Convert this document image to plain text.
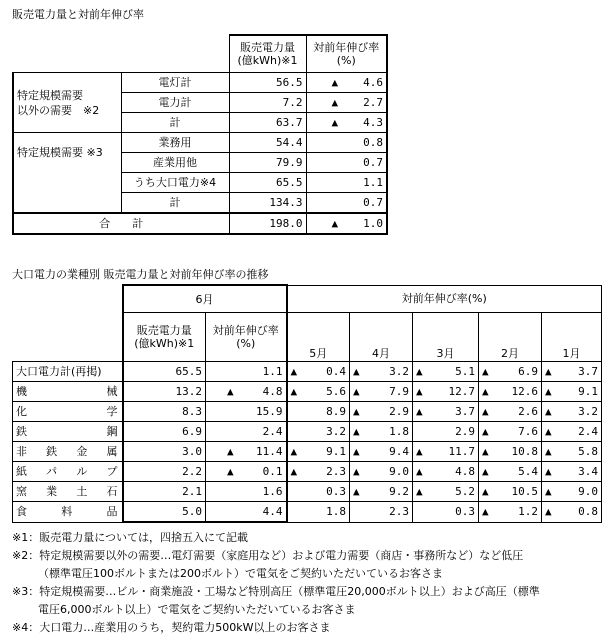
販売電力量と対前年伸び率
		販売電力量
(億kWh)※1	対前年伸び率
(%)
特定規模需要
以外の需要　※2	電灯計	56.5	▲ 4.6
	電力計	7.2	▲ 2.7
	計	63.7	▲ 4.3
特定規模需要 ※3	業務用	54.4	0.8
	産業用他	79.9	0.7
	うち大口電力※4	65.5	1.1
	計	134.3	0.7
合　　計		198.0	▲ 1.0
大口電力の業種別 販売電力量と対前年伸び率の推移
	6月		対前年伸び率(%)				
	販売電力量
(億kWh)※1	対前年伸び率
(%)	5月	4月	3月	2月	1月
大口電力計(再掲)	65.5	1.1	▲ 0.4	▲ 3.2	▲ 5.1	▲ 6.9	▲ 3.7
機械	13.2	▲ 4.8	▲ 5.6	▲ 7.9	▲ 12.7	▲ 12.6	▲ 9.1
化学	8.3	15.9	8.9	▲ 2.9	▲ 3.7	▲ 2.6	▲ 3.2
鉄鋼	6.9	2.4	3.2	▲ 1.8	2.9	▲ 7.6	▲ 2.4
非鉄金属	3.0	▲ 11.4	▲ 9.1	▲ 9.4	▲ 11.7	▲ 10.8	▲ 5.8
紙パルプ	2.2	▲ 0.1	▲ 2.3	▲ 9.0	▲ 4.8	▲ 5.4	▲ 3.4
窯業土石	2.1	1.6	0.3	▲ 9.2	▲ 5.2	▲ 10.5	▲ 9.0
食料品	5.0	4.4	1.8	2.3	0.3	▲ 1.2	▲ 0.8
※1：販売電力量については，四捨五入にて記載
※2：特定規模需要以外の需要…電灯需要（家庭用など）および電力需要（商店・事務所など）など低圧
（標準電圧100ボルトまたは200ボルト）で電気をご契約いただいているお客さま
※3：特定規模需要…ビル・商業施設・工場など特別高圧（標準電圧20,000ボルト以上）および高圧（標準
電圧6,000ボルト以上）で電気をご契約いただいているお客さま
※4：大口電力…産業用のうち，契約電力500kW以上のお客さま
